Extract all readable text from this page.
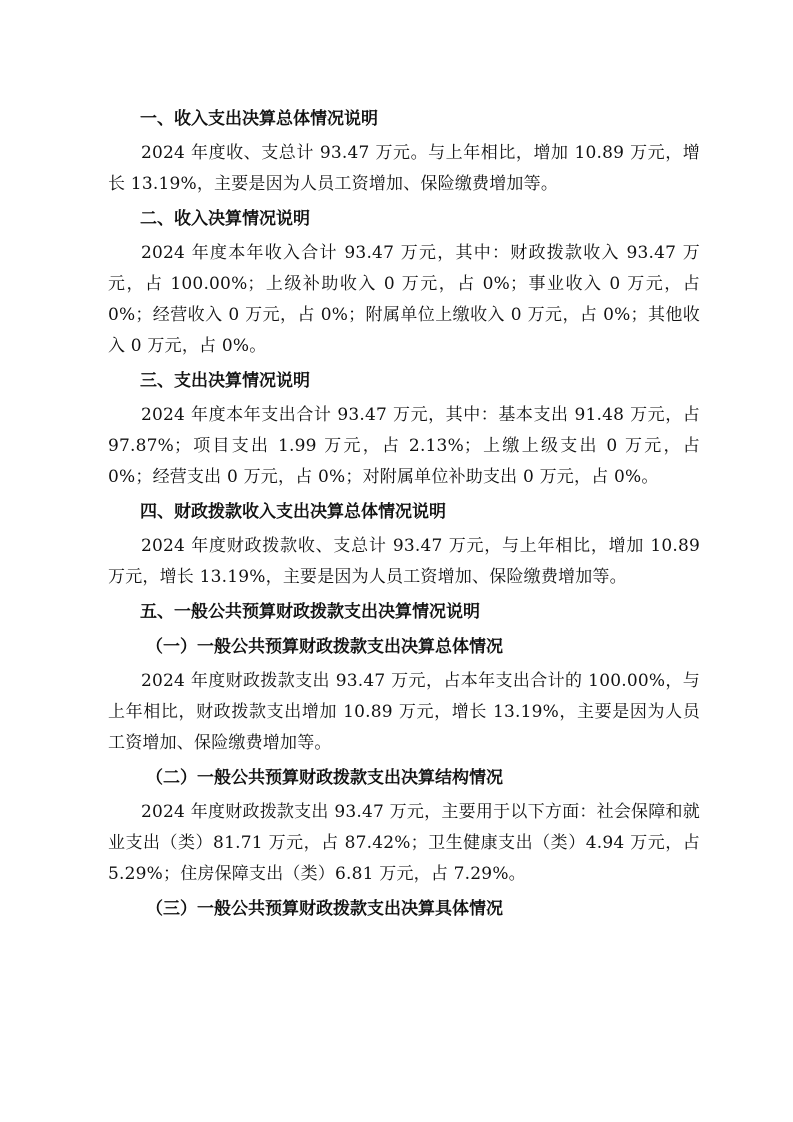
一、收入支出决算总体情况说明

2024 年度收、支总计 93.47 万元。与上年相比，增加 10.89 万元，增长 13.19%，主要是因为人员工资增加、保险缴费增加等。

二、收入决算情况说明

2024 年度本年收入合计 93.47 万元，其中：财政拨款收入 93.47 万元，占 100.00%；上级补助收入 0 万元，占 0%；事业收入 0 万元，占 0%；经营收入 0 万元，占 0%；附属单位上缴收入 0 万元，占 0%；其他收入 0 万元，占 0%。

三、支出决算情况说明

2024 年度本年支出合计 93.47 万元，其中：基本支出 91.48 万元，占 97.87%；项目支出 1.99 万元，占 2.13%；上缴上级支出 0 万元，占 0%；经营支出 0 万元，占 0%；对附属单位补助支出 0 万元，占 0%。

四、财政拨款收入支出决算总体情况说明

2024 年度财政拨款收、支总计 93.47 万元，与上年相比，增加 10.89 万元，增长 13.19%，主要是因为人员工资增加、保险缴费增加等。

五、一般公共预算财政拨款支出决算情况说明
（一）一般公共预算财政拨款支出决算总体情况

2024 年度财政拨款支出 93.47 万元，占本年支出合计的 100.00%，与上年相比，财政拨款支出增加 10.89 万元，增长 13.19%，主要是因为人员工资增加、保险缴费增加等。

（二）一般公共预算财政拨款支出决算结构情况

2024 年度财政拨款支出 93.47 万元，主要用于以下方面：社会保障和就业支出（类）81.71 万元，占 87.42%；卫生健康支出（类）4.94 万元，占 5.29%；住房保障支出（类）6.81 万元，占 7.29%。

（三）一般公共预算财政拨款支出决算具体情况
